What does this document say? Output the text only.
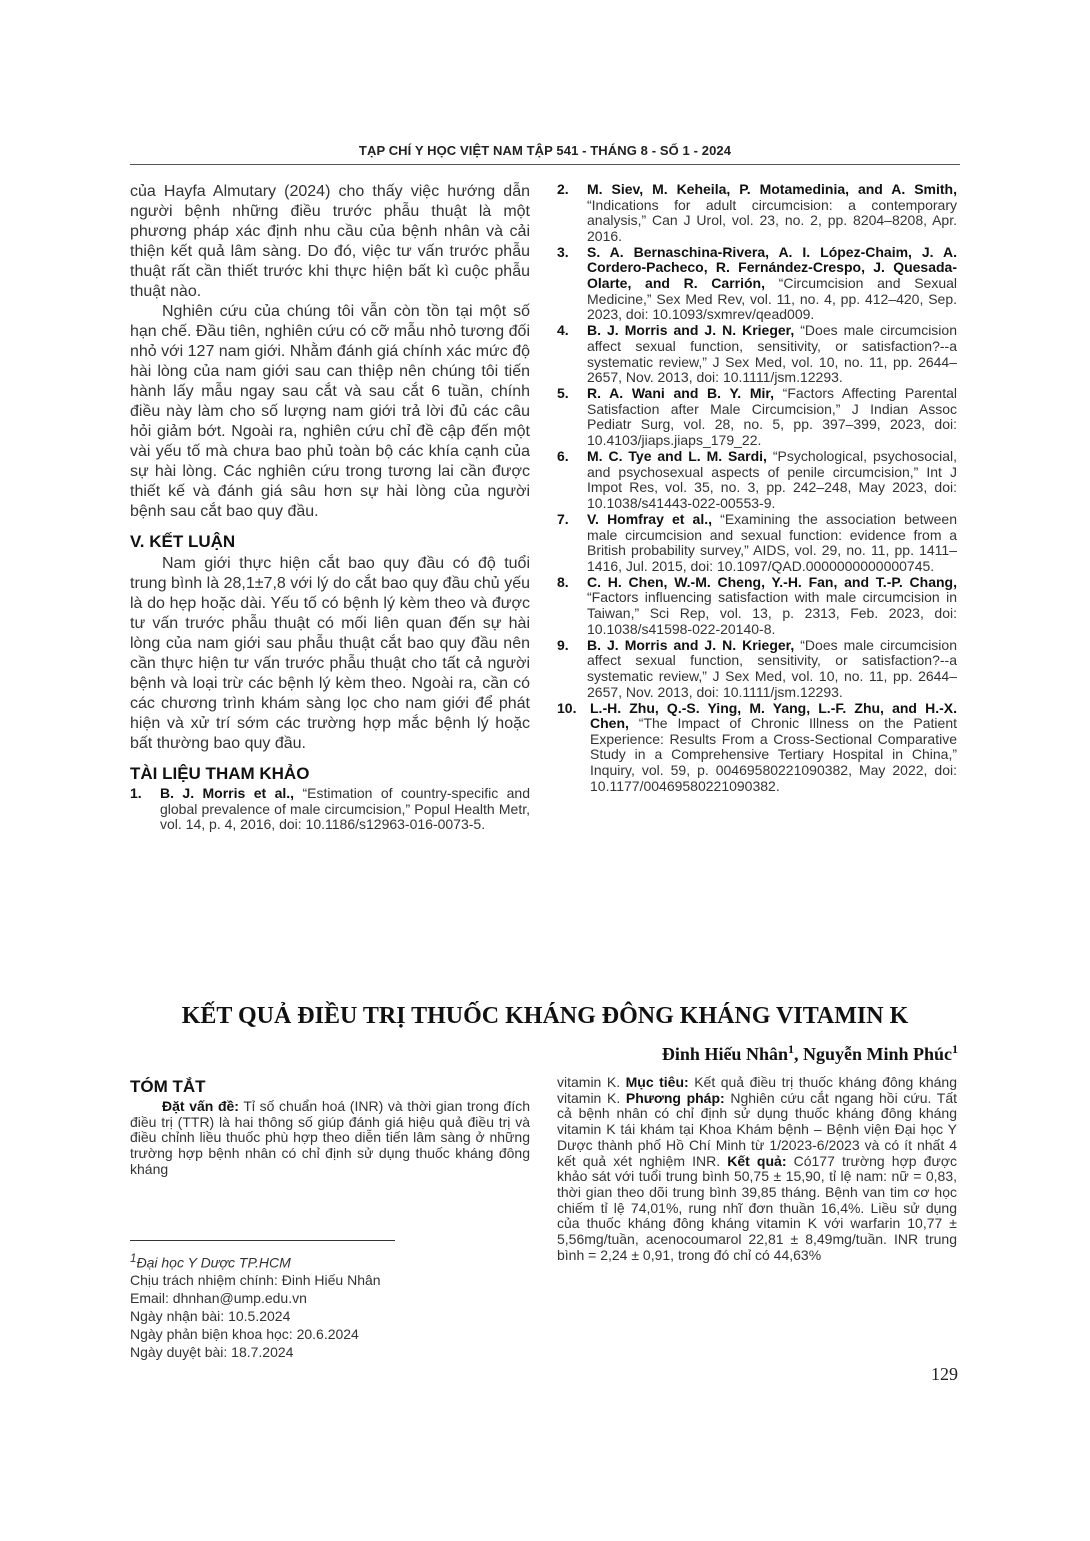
TẠP CHÍ Y HỌC VIỆT NAM TẬP 541 - THÁNG 8 - SỐ 1 - 2024

của Hayfa Almutary (2024) cho thấy việc hướng dẫn người bệnh những điều trước phẫu thuật là một phương pháp xác định nhu cầu của bệnh nhân và cải thiện kết quả lâm sàng. Do đó, việc tư vấn trước phẫu thuật rất cần thiết trước khi thực hiện bất kì cuộc phẫu thuật nào.

Nghiên cứu của chúng tôi vẫn còn tồn tại một số hạn chế. Đầu tiên, nghiên cứu có cỡ mẫu nhỏ tương đối nhỏ với 127 nam giới. Nhằm đánh giá chính xác mức độ hài lòng của nam giới sau can thiệp nên chúng tôi tiến hành lấy mẫu ngay sau cắt và sau cắt 6 tuần, chính điều này làm cho số lượng nam giới trả lời đủ các câu hỏi giảm bớt. Ngoài ra, nghiên cứu chỉ đề cập đến một vài yếu tố mà chưa bao phủ toàn bộ các khía cạnh của sự hài lòng. Các nghiên cứu trong tương lai cần được thiết kế và đánh giá sâu hơn sự hài lòng của người bệnh sau cắt bao quy đầu.

V. KẾT LUẬN

Nam giới thực hiện cắt bao quy đầu có độ tuổi trung bình là 28,1±7,8 với lý do cắt bao quy đầu chủ yếu là do hẹp hoặc dài. Yếu tố có bệnh lý kèm theo và được tư vấn trước phẫu thuật có mối liên quan đến sự hài lòng của nam giới sau phẫu thuật cắt bao quy đầu nên cần thực hiện tư vấn trước phẫu thuật cho tất cả người bệnh và loại trừ các bệnh lý kèm theo. Ngoài ra, cần có các chương trình khám sàng lọc cho nam giới để phát hiện và xử trí sớm các trường hợp mắc bệnh lý hoặc bất thường bao quy đầu.

TÀI LIỆU THAM KHẢO
1.	B. J. Morris et al., “Estimation of country-specific and global prevalence of male circumcision,” Popul Health Metr, vol. 14, p. 4, 2016, doi: 10.1186/s12963-016-0073-5.
2.	M. Siev, M. Keheila, P. Motamedinia, and A. Smith, “Indications for adult circumcision: a contemporary analysis,” Can J Urol, vol. 23, no. 2, pp. 8204–8208, Apr. 2016.
3.	S. A. Bernaschina-Rivera, A. I. López-Chaim, J. A. Cordero-Pacheco, R. Fernández-Crespo, J. Quesada-Olarte, and R. Carrión, “Circumcision and Sexual Medicine,” Sex Med Rev, vol. 11, no. 4, pp. 412–420, Sep. 2023, doi: 10.1093/sxmrev/qead009.
4.	B. J. Morris and J. N. Krieger, “Does male circumcision affect sexual function, sensitivity, or satisfaction?--a systematic review,” J Sex Med, vol. 10, no. 11, pp. 2644–2657, Nov. 2013, doi: 10.1111/jsm.12293.
5.	R. A. Wani and B. Y. Mir, “Factors Affecting Parental Satisfaction after Male Circumcision,” J Indian Assoc Pediatr Surg, vol. 28, no. 5, pp. 397–399, 2023, doi: 10.4103/jiaps.jiaps_179_22.
6.	M. C. Tye and L. M. Sardi, “Psychological, psychosocial, and psychosexual aspects of penile circumcision,” Int J Impot Res, vol. 35, no. 3, pp. 242–248, May 2023, doi: 10.1038/s41443-022-00553-9.
7.	V. Homfray et al., “Examining the association between male circumcision and sexual function: evidence from a British probability survey,” AIDS, vol. 29, no. 11, pp. 1411–1416, Jul. 2015, doi: 10.1097/QAD.0000000000000745.
8.	C. H. Chen, W.-M. Cheng, Y.-H. Fan, and T.-P. Chang, “Factors influencing satisfaction with male circumcision in Taiwan,” Sci Rep, vol. 13, p. 2313, Feb. 2023, doi: 10.1038/s41598-022-20140-8.
9.	B. J. Morris and J. N. Krieger, “Does male circumcision affect sexual function, sensitivity, or satisfaction?--a systematic review,” J Sex Med, vol. 10, no. 11, pp. 2644–2657, Nov. 2013, doi: 10.1111/jsm.12293.
10. L.-H. Zhu, Q.-S. Ying, M. Yang, L.-F. Zhu, and H.-X. Chen, “The Impact of Chronic Illness on the Patient Experience: Results From a Cross-Sectional Comparative Study in a Comprehensive Tertiary Hospital in China,” Inquiry, vol. 59, p. 00469580221090382, May 2022, doi: 10.1177/00469580221090382.
KẾT QUẢ ĐIỀU TRỊ THUỐC KHÁNG ĐÔNG KHÁNG VITAMIN K
Đinh Hiếu Nhân$^1$, Nguyễn Minh Phúc$^1$
TÓM TẮT

Đặt vấn đề: Tỉ số chuẩn hoá (INR) và thời gian trong đích điều trị (TTR) là hai thông số giúp đánh giá hiệu quả điều trị và điều chỉnh liều thuốc phù hợp theo diễn tiến lâm sàng ở những trường hợp bệnh nhân có chỉ định sử dụng thuốc kháng đông kháng

$^1$Đại học Y Dược TP.HCM
Chịu trách nhiệm chính: Đinh Hiếu Nhân
Email: dhnhan@ump.edu.vn
Ngày nhận bài: 10.5.2024
Ngày phản biện khoa học: 20.6.2024
Ngày duyệt bài: 18.7.2024

vitamin K. Mục tiêu: Kết quả điều trị thuốc kháng đông kháng vitamin K. Phương pháp: Nghiên cứu cắt ngang hồi cứu. Tất cả bệnh nhân có chỉ định sử dụng thuốc kháng đông kháng vitamin K tái khám tại Khoa Khám bệnh – Bệnh viện Đại học Y Dược thành phố Hồ Chí Minh từ 1/2023-6/2023 và có ít nhất 4 kết quả xét nghiệm INR. Kết quả: Có177 trường hợp được khảo sát với tuổi trung bình 50,75 ± 15,90, tỉ lệ nam: nữ = 0,83, thời gian theo dõi trung bình 39,85 tháng. Bệnh van tim cơ học chiếm tỉ lệ 74,01%, rung nhĩ đơn thuần 16,4%. Liều sử dụng của thuốc kháng đông kháng vitamin K với warfarin 10,77 ± 5,56mg/tuần, acenocoumarol 22,81 ± 8,49mg/tuần. INR trung bình = 2,24 ± 0,91, trong đó chỉ có 44,63%

129
